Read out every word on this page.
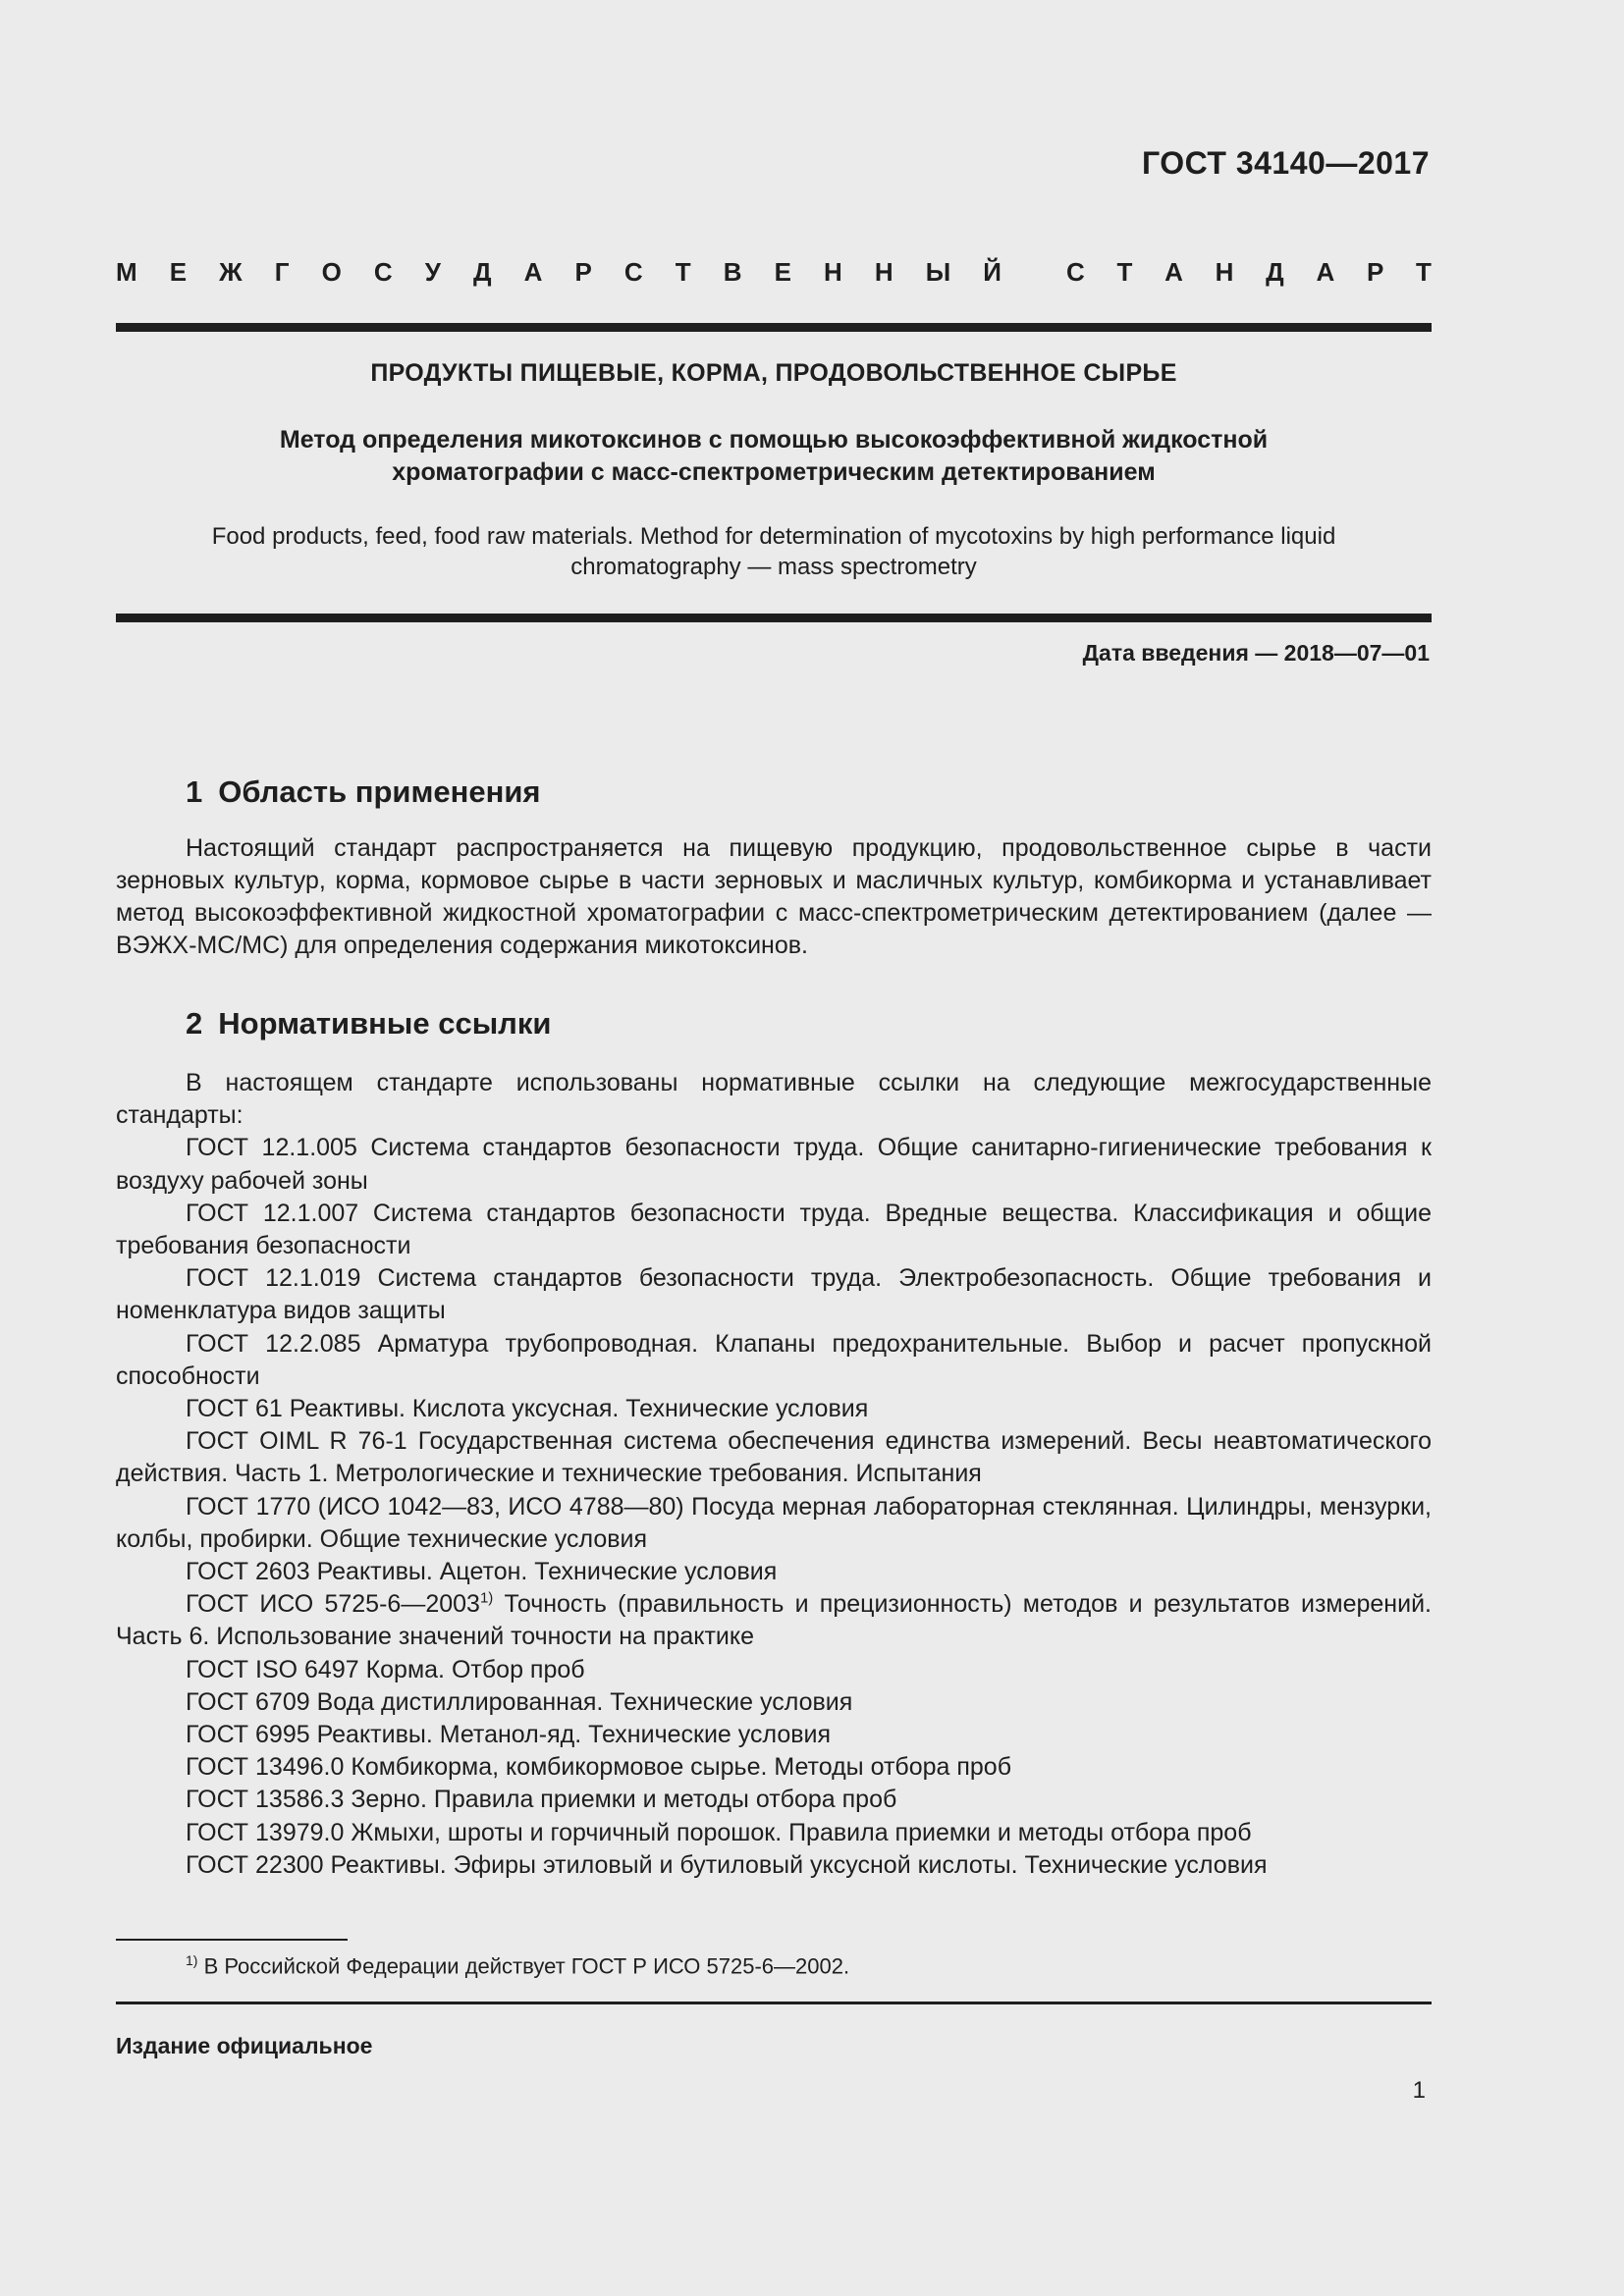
ГОСТ 34140—2017
М Е Ж Г О С У Д А Р С Т В Е Н Н Ы Й	С Т А Н Д А Р Т
ПРОДУКТЫ ПИЩЕВЫЕ, КОРМА, ПРОДОВОЛЬСТВЕННОЕ СЫРЬЕ
Метод определения микотоксинов с помощью высокоэффективной жидкостной
хроматографии с масс-спектрометрическим детектированием
Food products, feed, food raw materials. Method for determination of mycotoxins by high performance liquid
chromatography — mass spectrometry
Дата введения — 2018—07—01
1 Область применения
Настоящий стандарт распространяется на пищевую продукцию, продовольственное сырье в части зерновых культур, корма, кормовое сырье в части зерновых и масличных культур, комбикорма и устанавливает метод высокоэффективной жидкостной хроматографии с масс-спектрометрическим детектированием (далее — ВЭЖХ-МС/МС) для определения содержания микотоксинов.
2 Нормативные ссылки

В настоящем стандарте использованы нормативные ссылки на следующие межгосударственные стандарты:

ГОСТ 12.1.005 Система стандартов безопасности труда. Общие санитарно-гигиенические требования к воздуху рабочей зоны

ГОСТ 12.1.007 Система стандартов безопасности труда. Вредные вещества. Классификация и общие требования безопасности

ГОСТ 12.1.019 Система стандартов безопасности труда. Электробезопасность. Общие требования и номенклатура видов защиты

ГОСТ 12.2.085 Арматура трубопроводная. Клапаны предохранительные. Выбор и расчет пропускной способности

ГОСТ 61 Реактивы. Кислота уксусная. Технические условия

ГОСТ OIML R 76-1 Государственная система обеспечения единства измерений. Весы неавтоматического действия. Часть 1. Метрологические и технические требования. Испытания

ГОСТ 1770 (ИСО 1042—83, ИСО 4788—80) Посуда мерная лабораторная стеклянная. Цилиндры, мензурки, колбы, пробирки. Общие технические условия

ГОСТ 2603 Реактивы. Ацетон. Технические условия

ГОСТ ИСО 5725-6—2003$^{1)}$ Точность (правильность и прецизионность) методов и результатов измерений. Часть 6. Использование значений точности на практике

ГОСТ ISO 6497 Корма. Отбор проб

ГОСТ 6709 Вода дистиллированная. Технические условия

ГОСТ 6995 Реактивы. Метанол-яд. Технические условия

ГОСТ 13496.0 Комбикорма, комбикормовое сырье. Методы отбора проб

ГОСТ 13586.3 Зерно. Правила приемки и методы отбора проб

ГОСТ 13979.0 Жмыхи, шроты и горчичный порошок. Правила приемки и методы отбора проб

ГОСТ 22300 Реактивы. Эфиры этиловый и бутиловый уксусной кислоты. Технические условия

$^{1)}$ В Российской Федерации действует ГОСТ Р ИСО 5725-6—2002.
Издание официальное
1
